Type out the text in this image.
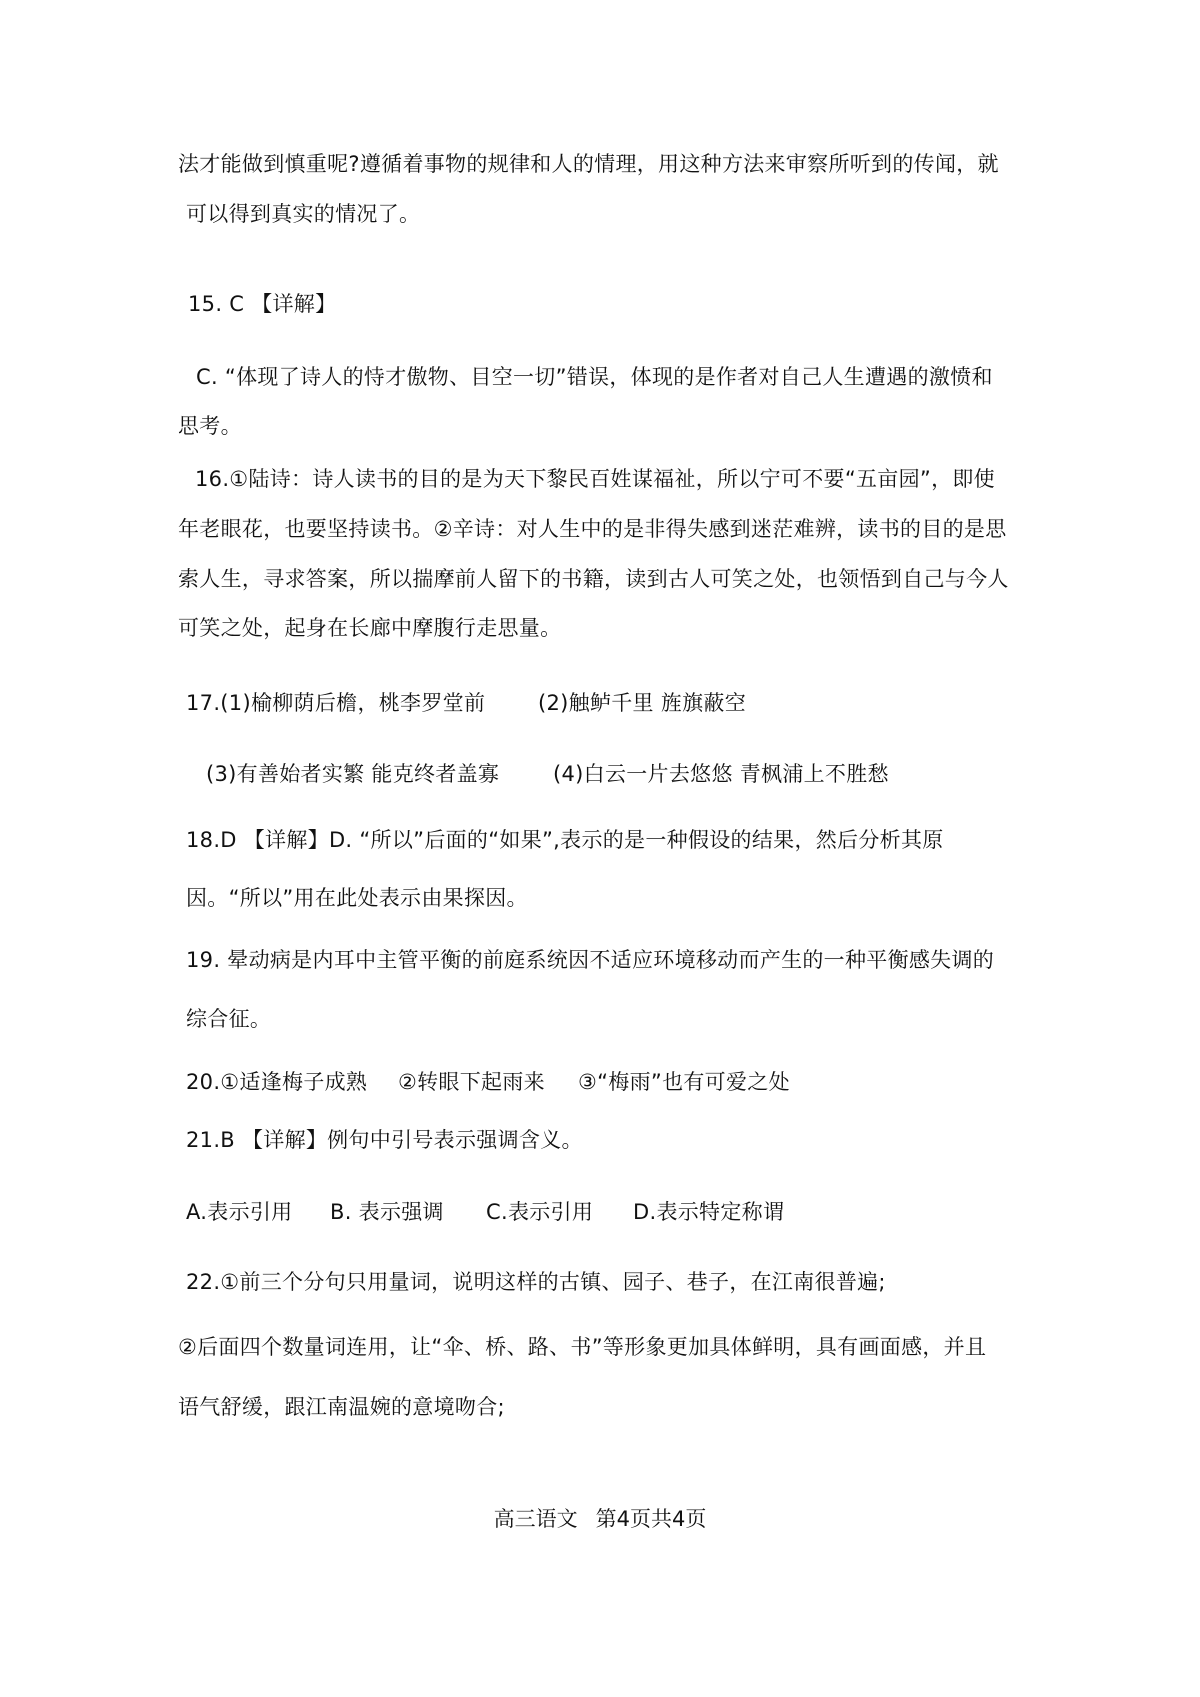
法才能做到慎重呢?遵循着事物的规律和人的情理，用这种方法来审察所听到的传闻，就
可以得到真实的情况了。
15. C 【详解】
C. “体现了诗人的恃才傲物、目空一切”错误，体现的是作者对自己人生遭遇的激愤和
思考。
16.①陆诗：诗人读书的目的是为天下黎民百姓谋福祉，所以宁可不要“五亩园”，即使
年老眼花，也要坚持读书。②辛诗：对人生中的是非得失感到迷茫难辨，读书的目的是思
索人生，寻求答案，所以揣摩前人留下的书籍，读到古人可笑之处，也领悟到自己与今人
可笑之处，起身在长廊中摩腹行走思量。
17.(1)榆柳荫后檐，桃李罗堂前	(2)触鲈千里 旌旗蔽空
(3)有善始者实繁 能克终者盖寡	(4)白云一片去悠悠 青枫浦上不胜愁
18.D 【详解】D. “所以”后面的“如果”,表示的是一种假设的结果，然后分析其原
因。“所以”用在此处表示由果探因。
19. 晕动病是内耳中主管平衡的前庭系统因不适应环境移动而产生的一种平衡感失调的
综合征。
20.①适逢梅子成熟 ②转眼下起雨来 ③“梅雨”也有可爱之处
21.B 【详解】例句中引号表示强调含义。
A.表示引用 B. 表示强调 C.表示引用 D.表示特定称谓
22.①前三个分句只用量词，说明这样的古镇、园子、巷子，在江南很普遍;
②后面四个数量词连用，让“伞、桥、路、书”等形象更加具体鲜明，具有画面感，并且
语气舒缓，跟江南温婉的意境吻合;
高三语文 第4页共4页
